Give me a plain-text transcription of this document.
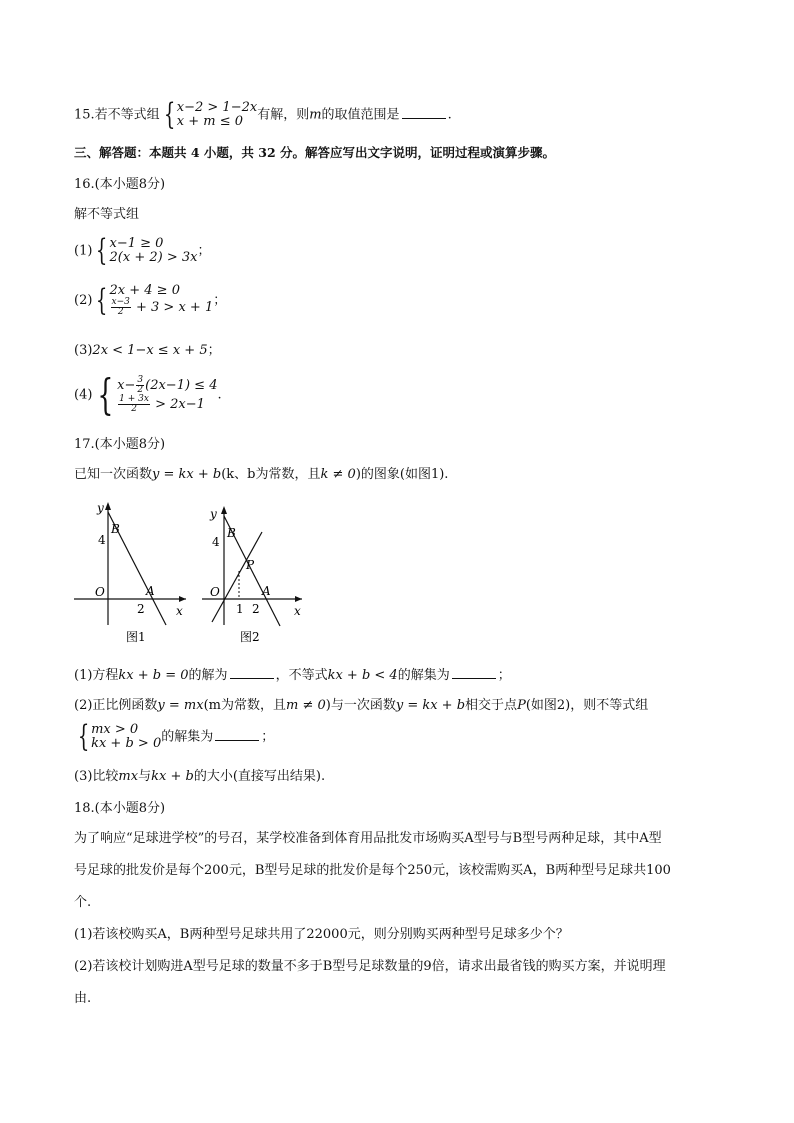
15.若不等式组 { x−2 > 1−2x
x + m ≤ 0	有解，则m的取值范围是	.
三、解答题：本题共 4 小题，共 32 分。解答应写出文字说明，证明过程或演算步骤。
16.(本小题8分)
解不等式组
(1) { x−1 ≥ 0
2(x + 2) > 3x ；
(2) { 2x + 4 ≥ 0
$\frac{x-3}{2} + 3 > x + 1$ ；
(3)2x < 1−x ≤ x + 5；
(4) { $x- \frac{3}{2} (2x-1) \le 4$
$\frac{1 + 3x}{2} > 2x-1$
.
17.(本小题8分)
已知一次函数y = kx + b(k、b为常数，且k ≠ 0)的图象(如图1).
y
x
B
4
O	A
2
图1
y
x
B
4
P
O
1
A
2
图2
(1)方程kx + b = 0的解为	，不等式kx + b < 4的解集为	；
(2)正比例函数y = mx(m为常数，且m ≠ 0)与一次函数y = kx + b相交于点P(如图2)，则不等式组
{ mx > 0
kx + b > 0 的解集为	；
(3)比较mx与kx + b的大小(直接写出结果).
18.(本小题8分)
为了响应“足球进学校”的号召，某学校准备到体育用品批发市场购买A型号与B型号两种足球，其中A型
号足球的批发价是每个200元，B型号足球的批发价是每个250元，该校需购买A，B两种型号足球共100
个.
(1)若该校购买A，B两种型号足球共用了22000元，则分别购买两种型号足球多少个？
(2)若该校计划购进A型号足球的数量不多于B型号足球数量的9倍，请求出最省钱的购买方案，并说明理
由.
